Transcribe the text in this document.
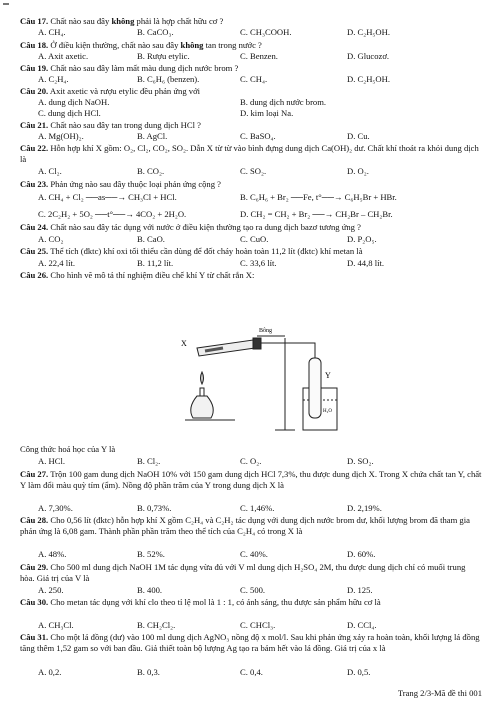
Câu 17. Chất nào sau đây không phải là hợp chất hữu cơ ?
A. CH₄.	B. CaCO₃.	C. CH₃COOH.	D. C₂H₅OH.
Câu 18. Ở điều kiện thường, chất nào sau đây không tan trong nước ?
A. Axit axetic.	B. Rượu etylic.	C. Benzen.	D. Glucozơ.
Câu 19. Chất nào sau đây làm mất màu dung dịch nước brom ?
A. C₂H₄.	B. C₆H₆ (benzen).	C. CH₄.	D. C₂H₅OH.
Câu 20. Axit axetic và rượu etylic đều phản ứng với
A. dung dịch NaOH.	B. dung dịch nước brom.
C. dung dịch HCl.	D. kim loại Na.
Câu 21. Chất nào sau đây tan trong dung dịch HCl ?
A. Mg(OH)₂.	B. AgCl.	C. BaSO₄.	D. Cu.
Câu 22. Hỗn hợp khí X gồm: O₂, Cl₂, CO₂, SO₂. Dẫn X từ từ vào bình đựng dung dịch Ca(OH)₂ dư. Chất khí thoát ra khỏi dung dịch là
A. Cl₂.	B. CO₂.	C. SO₂.	D. O₂.
Câu 23. Phản ứng nào sau đây thuộc loại phản ứng cộng ?
A. CH₄ + Cl₂ ──as──→ CH₃Cl + HCl.	B. C₆H₆ + Br₂ ──Fe, t°──→ C₆H₅Br + HBr.
C. 2C₂H₂ + 5O₂ ──t°──→ 4CO₂ + 2H₂O.	D. CH₂ = CH₂ + Br₂ ──→ CH₂Br – CH₂Br.
Câu 24. Chất nào sau đây tác dụng với nước ở điều kiện thường tạo ra dung dịch bazơ tương ứng ?
A. CO₂	B. CaO.	C. CuO.	D. P₂O₅.
Câu 25. Thể tích (đktc) khí oxi tối thiểu cần dùng để đốt cháy hoàn toàn 11,2 lít (đktc) khí metan là
A. 22,4 lít.	B. 11,2 lít.	C. 33,6 lít.	D. 44,8 lít.
Câu 26. Cho hình vẽ mô tả thí nghiệm điều chế khí Y từ chất rắn X:
X
Bông
Y
H₂O
Công thức hoá học của Y là
A. HCl.	B. Cl₂.	C. O₂.	D. SO₂.
Câu 27. Trộn 100 gam dung dịch NaOH 10% với 150 gam dung dịch HCl 7,3%, thu được dung dịch X. Trong X chứa chất tan Y, chất Y làm đổi màu quỳ tím (ẩm). Nồng độ phần trăm của Y trong dung dịch X là
A. 7,30%.	B. 0,73%.	C. 1,46%.	D. 2,19%.
Câu 28. Cho 0,56 lít (đktc) hỗn hợp khí X gồm C₂H₄ và C₂H₂ tác dụng với dung dịch nước brom dư, khối lượng brom đã tham gia phản ứng là 6,08 gam. Thành phần phần trăm theo thể tích của C₂H₄ có trong X là
A. 48%.	B. 52%.	C. 40%.	D. 60%.
Câu 29. Cho 500 ml dung dịch NaOH 1M tác dụng vừa đủ với V ml dung dịch H₂SO₄ 2M, thu được dung dịch chỉ có muối trung hòa. Giá trị của V là
A. 250.	B. 400.	C. 500.	D. 125.
Câu 30. Cho metan tác dụng với khí clo theo tỉ lệ mol là 1 : 1, có ánh sáng, thu được sản phẩm hữu cơ là
A. CH₃Cl.	B. CH₂Cl₂.	C. CHCl₃.	D. CCl₄.
Câu 31. Cho một lá đồng (dư) vào 100 ml dung dịch AgNO₃ nồng độ x mol/l. Sau khi phản ứng xảy ra hoàn toàn, khối lượng lá đồng tăng thêm 1,52 gam so với ban đầu. Giả thiết toàn bộ lượng Ag tạo ra bám hết vào lá đồng. Giá trị của x là
A. 0,2.	B. 0,3.	C. 0,4.	D. 0,5.
Trang 2/3-Mã đề thi 001
